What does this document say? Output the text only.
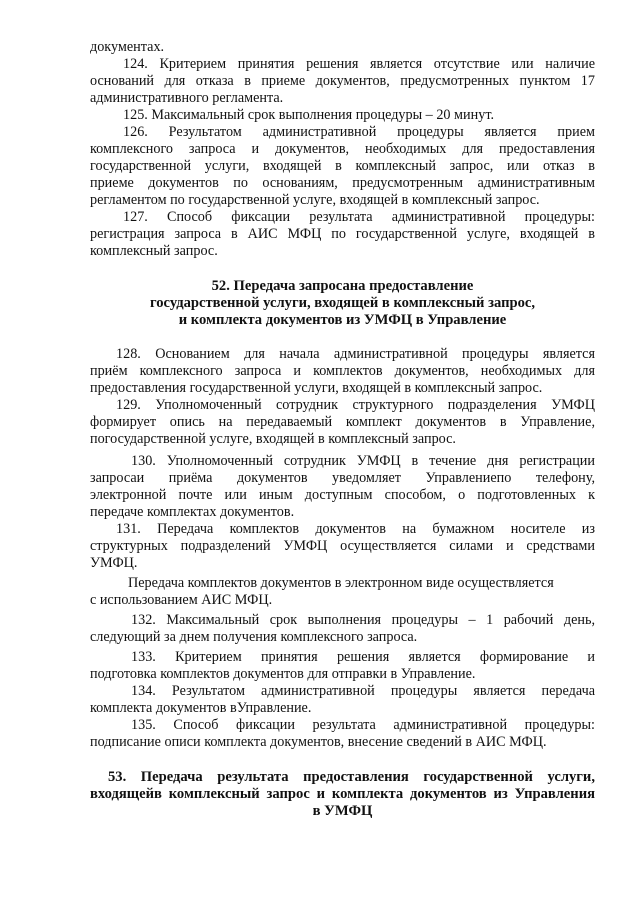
документах.
124. Критерием принятия решения является отсутствие или наличие
оснований для отказа в приеме документов, предусмотренных пунктом 17
административного регламента.
125. Максимальный срок выполнения процедуры – 20 минут.
126. Результатом административной процедуры является прием
комплексного запроса и документов, необходимых для предоставления
государственной услуги, входящей в комплексный запрос, или отказ в
приеме документов по основаниям, предусмотренным административным
регламентом по государственной услуге, входящей в комплексный запрос.
127. Способ фиксации результата административной процедуры:
регистрация запроса в АИС МФЦ по государственной услуге, входящей в
комплексный запрос.
52. Передача запросана предоставление
государственной услуги, входящей в комплексный запрос,
и комплекта документов из УМФЦ в Управление
128. Основанием для начала административной процедуры является
приём комплексного запроса и комплектов документов, необходимых для
предоставления государственной услуги, входящей в комплексный запрос.
129. Уполномоченный сотрудник структурного подразделения УМФЦ
формирует опись на передаваемый комплект документов в Управление,
погосударственной услуге, входящей в комплексный запрос.
130. Уполномоченный сотрудник УМФЦ в течение дня регистрации
запросаи приёма документов уведомляет Управлениепо телефону,
электронной почте или иным доступным способом, о подготовленных к
передаче комплектах документов.
131. Передача комплектов документов на бумажном носителе из
структурных подразделений УМФЦ осуществляется силами и средствами
УМФЦ.
Передача комплектов документов в электронном виде осуществляется
с использованием АИС МФЦ.
132. Максимальный срок выполнения процедуры – 1 рабочий день,
следующий за днем получения комплексного запроса.
133. Критерием принятия решения является формирование и
подготовка комплектов документов для отправки в Управление.
134. Результатом административной процедуры является передача
комплекта документов вУправление.
135. Способ фиксации результата административной процедуры:
подписание описи комплекта документов, внесение сведений в АИС МФЦ.
53. Передача результата предоставления государственной услуги,
входящейв комплексный запрос и комплекта документов из Управления
в УМФЦ
